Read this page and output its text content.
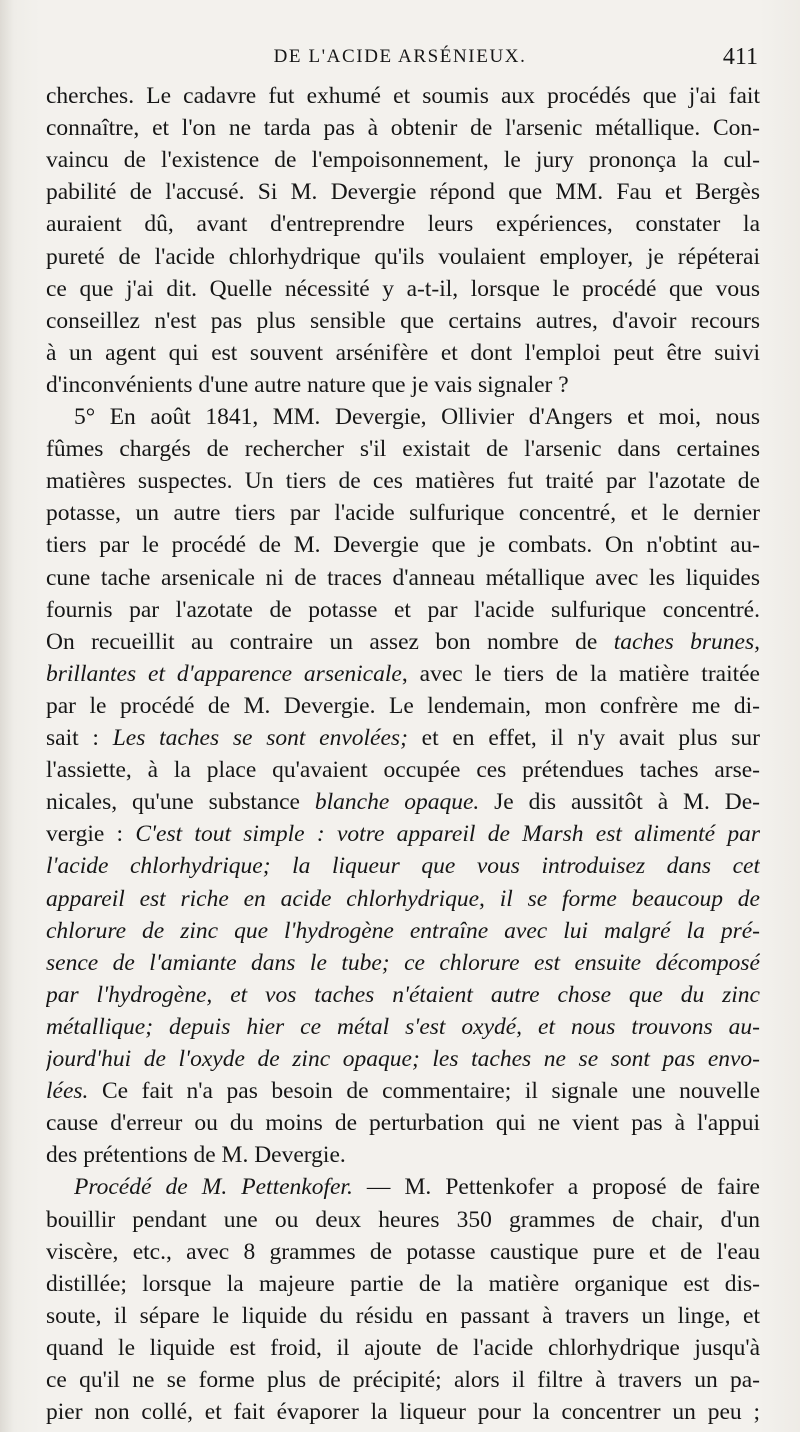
DE L'ACIDE ARSÉNIEUX.	411
cherches. Le cadavre fut exhumé et soumis aux procédés que j'ai fait
connaître, et l'on ne tarda pas à obtenir de l'arsenic métallique. Con-
vaincu de l'existence de l'empoisonnement, le jury prononça la cul-
pabilité de l'accusé. Si M. Devergie répond que MM. Fau et Bergès
auraient dû, avant d'entreprendre leurs expériences, constater la
pureté de l'acide chlorhydrique qu'ils voulaient employer, je répéterai
ce que j'ai dit. Quelle nécessité y a-t-il, lorsque le procédé que vous
conseillez n'est pas plus sensible que certains autres, d'avoir recours
à un agent qui est souvent arsénifère et dont l'emploi peut être suivi
d'inconvénients d'une autre nature que je vais signaler ?
5° En août 1841, MM. Devergie, Ollivier d'Angers et moi, nous
fûmes chargés de rechercher s'il existait de l'arsenic dans certaines
matières suspectes. Un tiers de ces matières fut traité par l'azotate de
potasse, un autre tiers par l'acide sulfurique concentré, et le dernier
tiers par le procédé de M. Devergie que je combats. On n'obtint au-
cune tache arsenicale ni de traces d'anneau métallique avec les liquides
fournis par l'azotate de potasse et par l'acide sulfurique concentré.
On recueillit au contraire un assez bon nombre de taches brunes,
brillantes et d'apparence arsenicale, avec le tiers de la matière traitée
par le procédé de M. Devergie. Le lendemain, mon confrère me di-
sait : Les taches se sont envolées; et en effet, il n'y avait plus sur
l'assiette, à la place qu'avaient occupée ces prétendues taches arse-
nicales, qu'une substance blanche opaque. Je dis aussitôt à M. De-
vergie : C'est tout simple : votre appareil de Marsh est alimenté par
l'acide chlorhydrique; la liqueur que vous introduisez dans cet
appareil est riche en acide chlorhydrique, il se forme beaucoup de
chlorure de zinc que l'hydrogène entraîne avec lui malgré la pré-
sence de l'amiante dans le tube; ce chlorure est ensuite décomposé
par l'hydrogène, et vos taches n'étaient autre chose que du zinc
métallique; depuis hier ce métal s'est oxydé, et nous trouvons au-
jourd'hui de l'oxyde de zinc opaque; les taches ne se sont pas envo-
lées. Ce fait n'a pas besoin de commentaire; il signale une nouvelle
cause d'erreur ou du moins de perturbation qui ne vient pas à l'appui
des prétentions de M. Devergie.
Procédé de M. Pettenkofer. — M. Pettenkofer a proposé de faire
bouillir pendant une ou deux heures 350 grammes de chair, d'un
viscère, etc., avec 8 grammes de potasse caustique pure et de l'eau
distillée; lorsque la majeure partie de la matière organique est dis-
soute, il sépare le liquide du résidu en passant à travers un linge, et
quand le liquide est froid, il ajoute de l'acide chlorhydrique jusqu'à
ce qu'il ne se forme plus de précipité; alors il filtre à travers un pa-
pier non collé, et fait évaporer la liqueur pour la concentrer un peu ;
